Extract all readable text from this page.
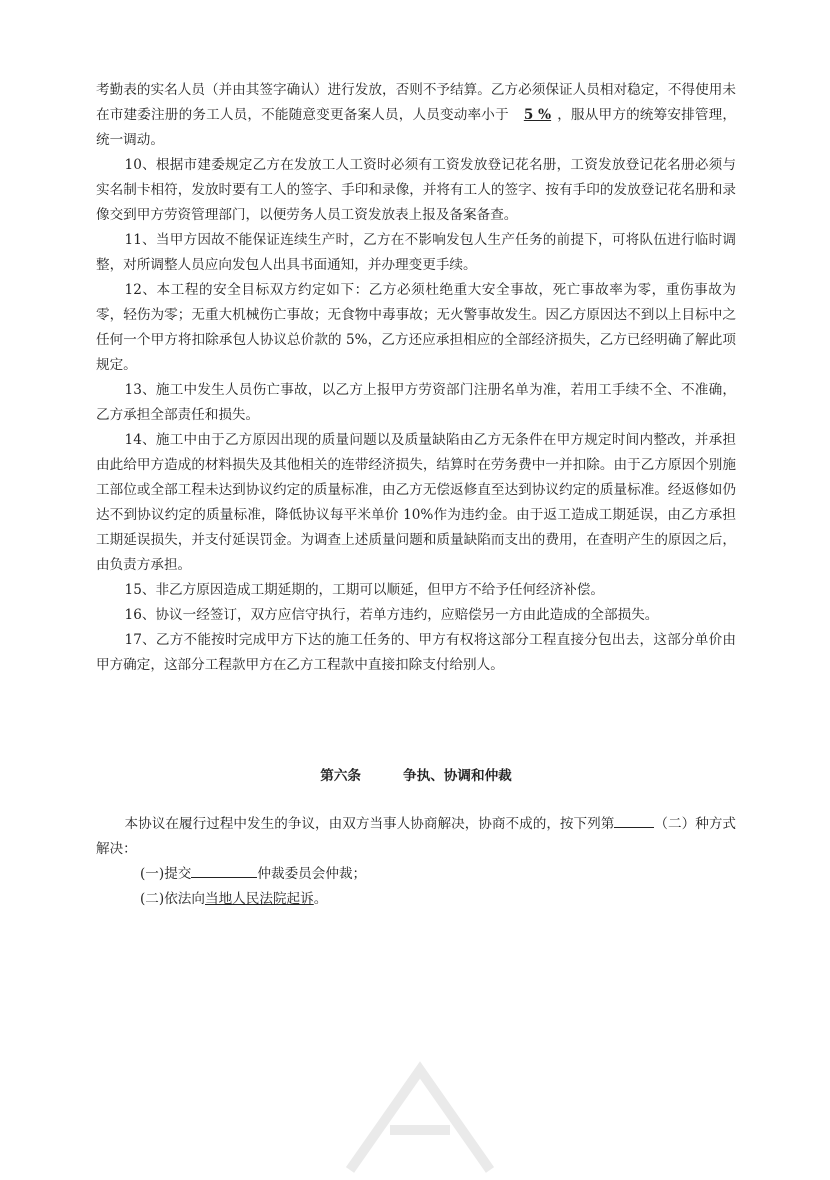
考勤表的实名人员（并由其签字确认）进行发放，否则不予结算。乙方必须保证人员相对稳定，不得使用未在市建委注册的务工人员，不能随意变更备案人员，人员变动率小于 5 % ，服从甲方的统筹安排管理，统一调动。

10、根据市建委规定乙方在发放工人工资时必须有工资发放登记花名册，工资发放登记花名册必须与实名制卡相符，发放时要有工人的签字、手印和录像，并将有工人的签字、按有手印的发放登记花名册和录像交到甲方劳资管理部门，以便劳务人员工资发放表上报及备案备查。

11、当甲方因故不能保证连续生产时，乙方在不影响发包人生产任务的前提下，可将队伍进行临时调整，对所调整人员应向发包人出具书面通知，并办理变更手续。

12、本工程的安全目标双方约定如下：乙方必须杜绝重大安全事故，死亡事故率为零，重伤事故为零，轻伤为零；无重大机械伤亡事故；无食物中毒事故；无火警事故发生。因乙方原因达不到以上目标中之任何一个甲方将扣除承包人协议总价款的 5%，乙方还应承担相应的全部经济损失，乙方已经明确了解此项规定。

13、施工中发生人员伤亡事故，以乙方上报甲方劳资部门注册名单为准，若用工手续不全、不准确，乙方承担全部责任和损失。

14、施工中由于乙方原因出现的质量问题以及质量缺陷由乙方无条件在甲方规定时间内整改，并承担由此给甲方造成的材料损失及其他相关的连带经济损失，结算时在劳务费中一并扣除。由于乙方原因个别施工部位或全部工程未达到协议约定的质量标准，由乙方无偿返修直至达到协议约定的质量标准。经返修如仍达不到协议约定的质量标准，降低协议每平米单价 10%作为违约金。由于返工造成工期延误，由乙方承担工期延误损失，并支付延误罚金。为调查上述质量问题和质量缺陷而支出的费用，在查明产生的原因之后，由负责方承担。

15、非乙方原因造成工期延期的，工期可以顺延，但甲方不给予任何经济补偿。

16、协议一经签订，双方应信守执行，若单方违约，应赔偿另一方由此造成的全部损失。

17、乙方不能按时完成甲方下达的施工任务的、甲方有权将这部分工程直接分包出去，这部分单价由甲方确定，这部分工程款甲方在乙方工程款中直接扣除支付给别人。

第六条	争执、协调和仲裁

本协议在履行过程中发生的争议，由双方当事人协商解决，协商不成的，按下列第	（二）种方式解决：

(一)提交	仲裁委员会仲裁；

(二)依法向当地人民法院起诉。
